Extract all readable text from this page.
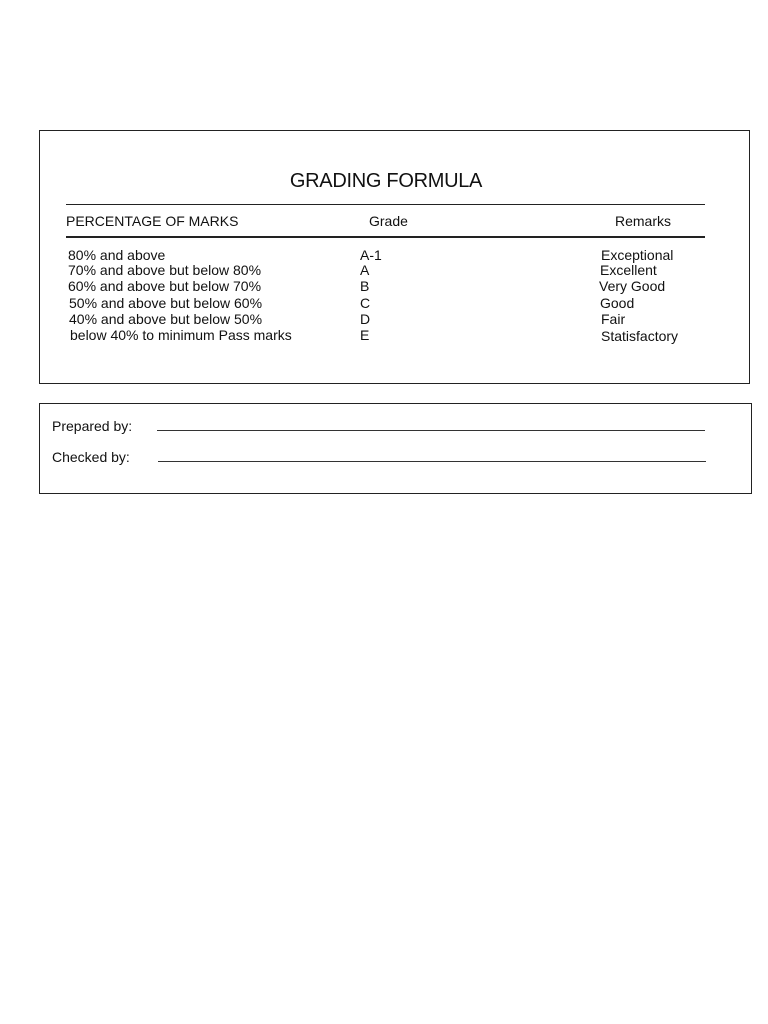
GRADING FORMULA
PERCENTAGE OF MARKS	Grade	Remarks
80% and above	A-1	Exceptional
70% and above but below 80%	A	Excellent
60% and above but below 70%	B	Very Good
50% and above but below 60%	C	Good
40% and above but below 50%	D	Fair
below 40% to minimum Pass marks	E	Statisfactory
Prepared by:
Checked by:
